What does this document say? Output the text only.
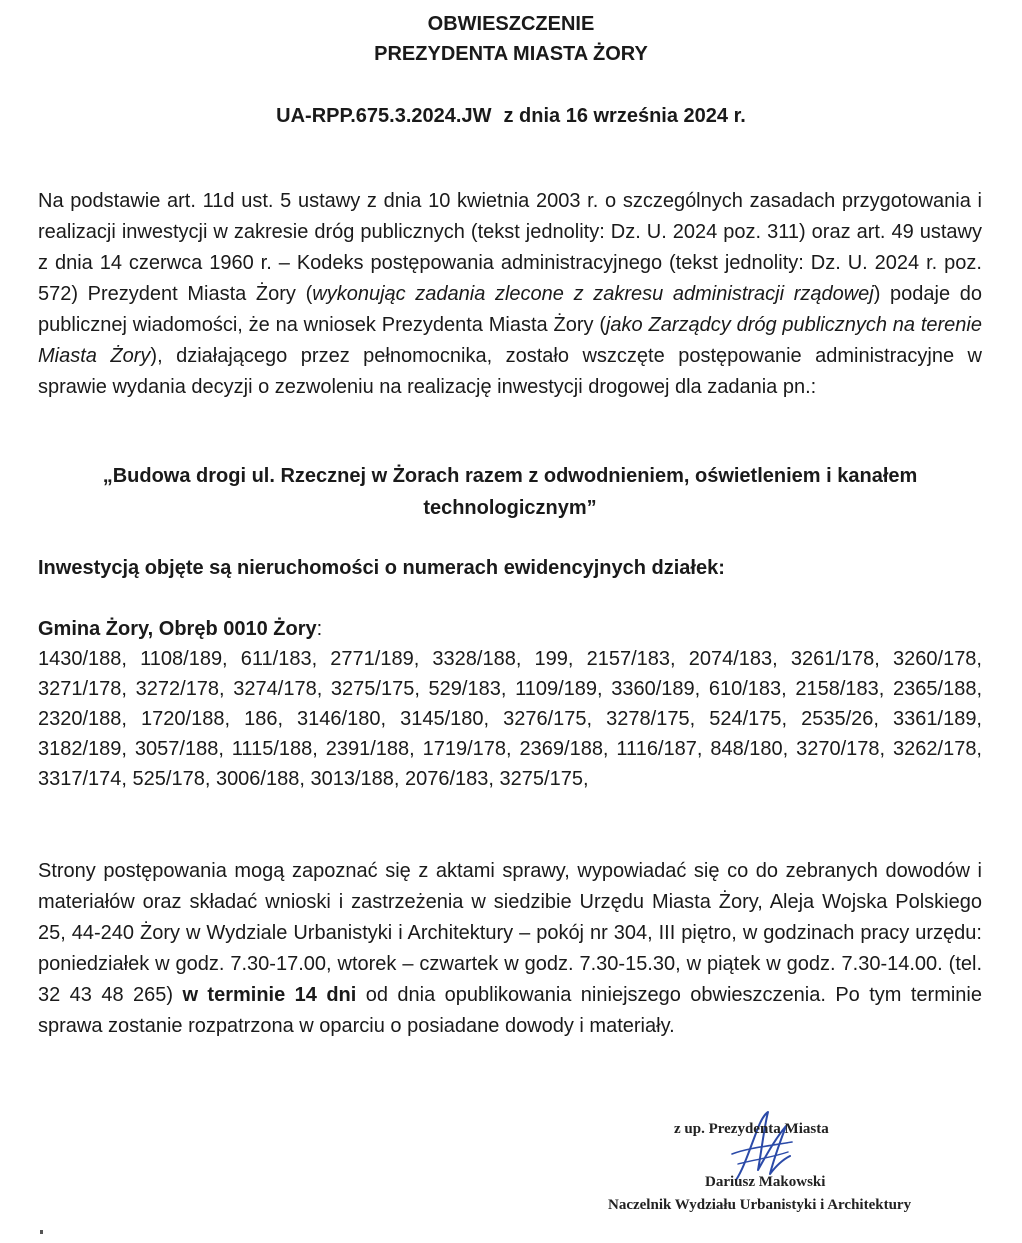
OBWIESZCZENIE
PREZYDENTA MIASTA ŻORY
UA-RPP.675.3.2024.JW z dnia 16 września 2024 r.
Na podstawie art. 11d ust. 5 ustawy z dnia 10 kwietnia 2003 r. o szczególnych zasadach przygotowania i realizacji inwestycji w zakresie dróg publicznych (tekst jednolity: Dz. U. 2024 poz. 311) oraz art. 49 ustawy z dnia 14 czerwca 1960 r. – Kodeks postępowania administracyjnego (tekst jednolity: Dz. U. 2024 r. poz. 572) Prezydent Miasta Żory (wykonując zadania zlecone z zakresu administracji rządowej) podaje do publicznej wiadomości, że na wniosek Prezydenta Miasta Żory (jako Zarządcy dróg publicznych na terenie Miasta Żory), działającego przez pełnomocnika, zostało wszczęte postępowanie administracyjne w sprawie wydania decyzji o zezwoleniu na realizację inwestycji drogowej dla zadania pn.:
„Budowa drogi ul. Rzecznej w Żorach razem z odwodnieniem, oświetleniem i kanałem technologicznym”
Inwestycją objęte są nieruchomości o numerach ewidencyjnych działek:
Gmina Żory, Obręb 0010 Żory:
1430/188, 1108/189, 611/183, 2771/189, 3328/188, 199, 2157/183, 2074/183, 3261/178, 3260/178, 3271/178, 3272/178, 3274/178, 3275/175, 529/183, 1109/189, 3360/189, 610/183, 2158/183, 2365/188, 2320/188, 1720/188, 186, 3146/180, 3145/180, 3276/175, 3278/175, 524/175, 2535/26, 3361/189, 3182/189, 3057/188, 1115/188, 2391/188, 1719/178, 2369/188, 1116/187, 848/180, 3270/178, 3262/178, 3317/174, 525/178, 3006/188, 3013/188, 2076/183, 3275/175,
Strony postępowania mogą zapoznać się z aktami sprawy, wypowiadać się co do zebranych dowodów i materiałów oraz składać wnioski i zastrzeżenia w siedzibie Urzędu Miasta Żory, Aleja Wojska Polskiego 25, 44-240 Żory w Wydziale Urbanistyki i Architektury – pokój nr 304, III piętro, w godzinach pracy urzędu: poniedziałek w godz. 7.30-17.00, wtorek – czwartek w godz. 7.30-15.30, w piątek w godz. 7.30-14.00. (tel. 32 43 48 265) w terminie 14 dni od dnia opublikowania niniejszego obwieszczenia. Po tym terminie sprawa zostanie rozpatrzona w oparciu o posiadane dowody i materiały.
z up. Prezydenta Miasta
Dariusz Makowski
Naczelnik Wydziału Urbanistyki i Architektury
